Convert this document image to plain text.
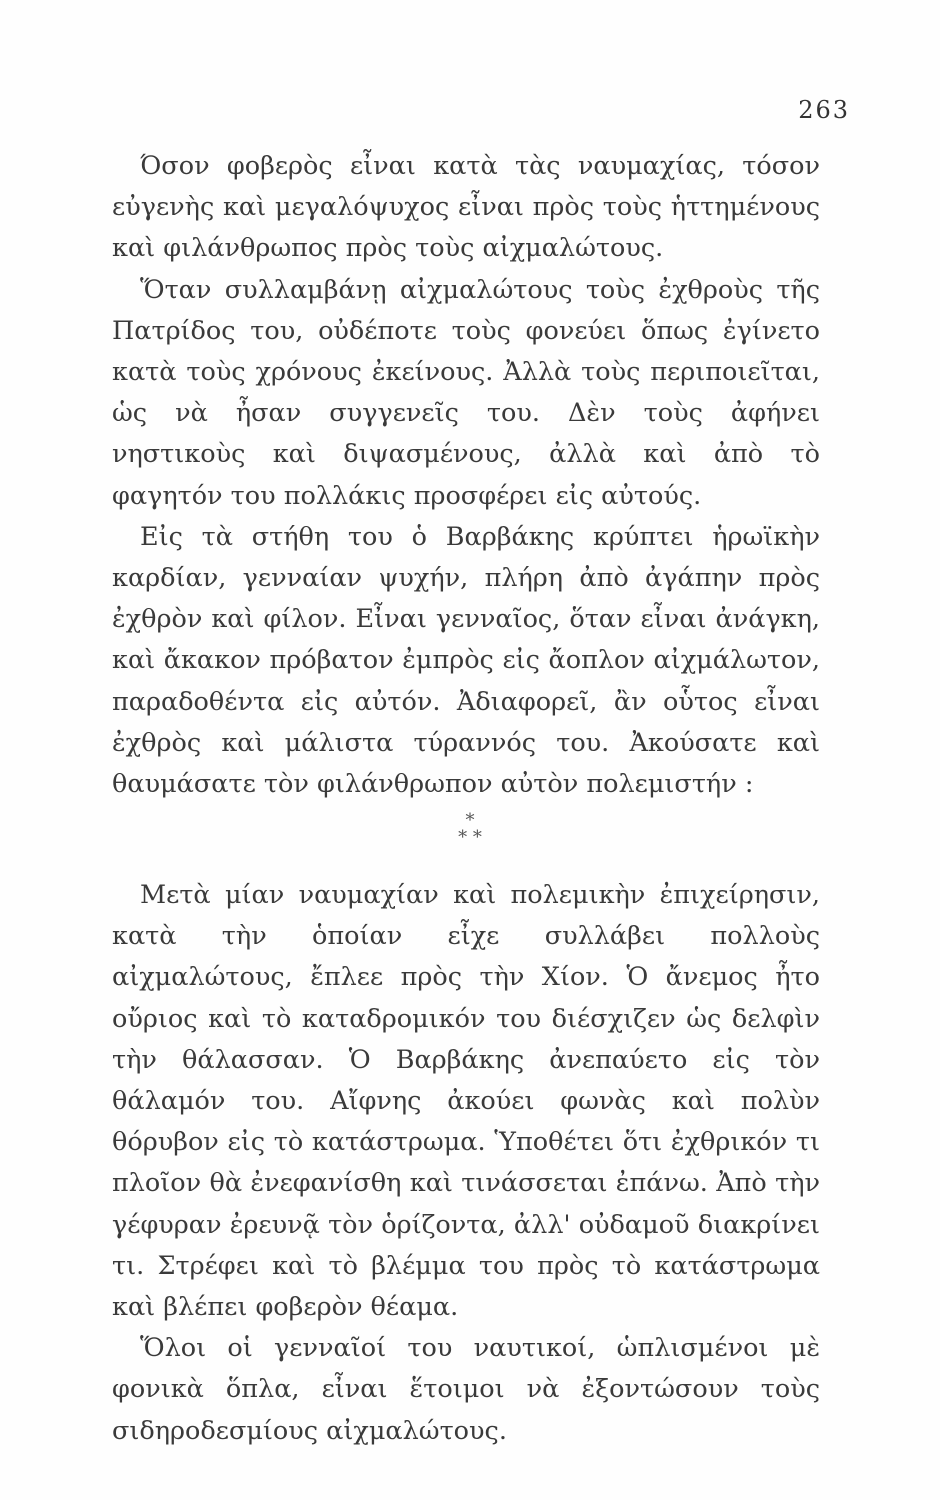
263

Όσον φοβερὸς εἶναι κατὰ τὰς ναυμαχίας, τόσον εὐγενὴς καὶ μεγαλόψυχος εἶναι πρὸς τοὺς ἡττημένους καὶ φιλάνθρωπος πρὸς τοὺς αἰχμαλώτους.

Ὅταν συλλαμβάνῃ αἰχμαλώτους τοὺς ἐχθροὺς τῆς Πατρίδος του, οὐδέποτε τοὺς φονεύει ὅπως ἐγίνετο κατὰ τοὺς χρόνους ἐκείνους. Ἀλλὰ τοὺς περιποιεῖται, ὡς νὰ ἦσαν συγγενεῖς του. Δὲν τοὺς ἀφήνει νηστικοὺς καὶ διψασμένους, ἀλλὰ καὶ ἀπὸ τὸ φαγητόν του πολλάκις προσφέρει εἰς αὐτούς.

Εἰς τὰ στήθη του ὁ Βαρβάκης κρύπτει ἡρωϊκὴν καρδίαν, γενναίαν ψυχήν, πλήρη ἀπὸ ἀγάπην πρὸς ἐχθρὸν καὶ φίλον. Εἶναι γενναῖος, ὅταν εἶναι ἀνάγκη, καὶ ἄκακον πρόβατον ἐμπρὸς εἰς ἄοπλον αἰχμάλωτον, παραδοθέντα εἰς αὐτόν. Ἀδιαφορεῖ, ἂν οὗτος εἶναι ἐχθρὸς καὶ μάλιστα τύραννός του. Ἀκούσατε καὶ θαυμάσατε τὸν φιλάνθρωπον αὐτὸν πολεμιστήν :

*
* *

Μετὰ μίαν ναυμαχίαν καὶ πολεμικὴν ἐπιχείρησιν, κατὰ τὴν ὁποίαν εἶχε συλλάβει πολλοὺς αἰχμαλώτους, ἔπλεε πρὸς τὴν Χίον. Ὁ ἄνεμος ἦτο οὔριος καὶ τὸ καταδρομικόν του διέσχιζεν ὡς δελφὶν τὴν θάλασσαν. Ὁ Βαρβάκης ἀνεπαύετο εἰς τὸν θάλαμόν του. Αἴφνης ἀκούει φωνὰς καὶ πολὺν θόρυβον εἰς τὸ κατάστρωμα. Ὑποθέτει ὅτι ἐχθρικόν τι πλοῖον θὰ ἐνεφανίσθη καὶ τινάσσεται ἐπάνω. Ἀπὸ τὴν γέφυραν ἐρευνᾷ τὸν ὁρίζοντα, ἀλλ' οὐδαμοῦ διακρίνει τι. Στρέφει καὶ τὸ βλέμμα του πρὸς τὸ κατάστρωμα καὶ βλέπει φοβερὸν θέαμα.

Ὅλοι οἱ γενναῖοί του ναυτικοί, ὡπλισμένοι μὲ φονικὰ ὅπλα, εἶναι ἕτοιμοι νὰ ἐξοντώσουν τοὺς σιδηροδεσμίους αἰχμαλώτους.
